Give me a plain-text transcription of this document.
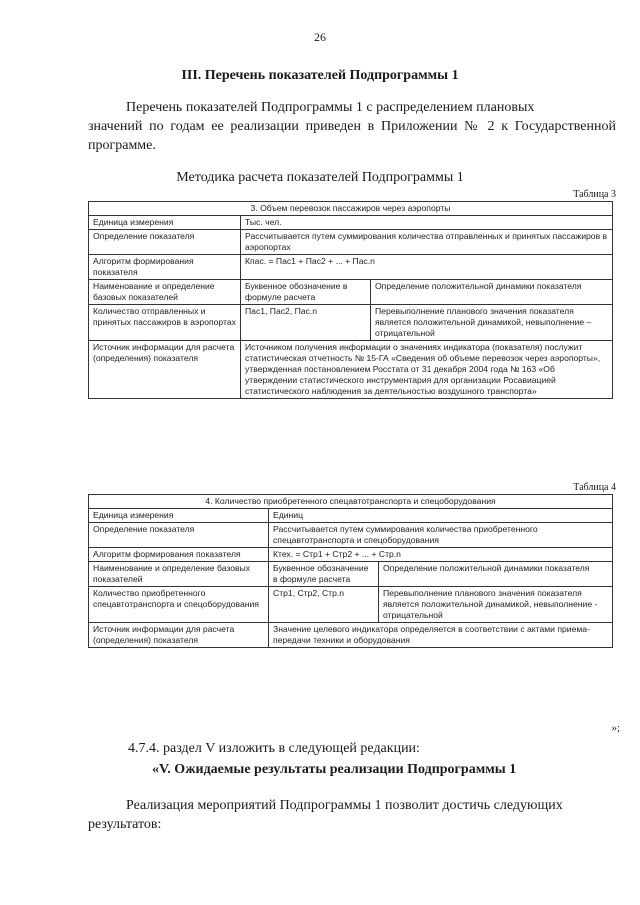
26
III. Перечень показателей Подпрограммы 1
Перечень показателей Подпрограммы 1 с распределением плановых
значений по годам ее реализации приведен в Приложении № 2 к Государственной программе.
Методика расчета показателей Подпрограммы 1
Таблица 3
3. Объем перевозок пассажиров через аэропорты		
Единица измерения	Тыс. чел.	
Определение показателя	Рассчитывается путем суммирования количества отправленных и принятых пассажиров в аэропортах	
Алгоритм формирования показателя	Кпас. = Пас1 + Пас2 + ... + Пас.n	
Наименование и определение базовых показателей	Буквенное обозначение в формуле расчета	Определение положительной динамики показателя
Количество отправленных и принятых пассажиров в аэропортах	Пас1, Пас2, Пас.n	Перевыполнение планового значения показателя является положительной динамикой, невыполнение – отрицательной
Источник информации для расчета (определения) показателя	Источником получения информации о значениях индикатора (показателя) послужит статистическая отчетность № 15-ГА «Сведения об объеме перевозок через аэропорты», утвержденная постановлением Росстата от 31 декабря 2004 года № 163 «Об утверждении статистического инструментария для организации Росавиацией статистического наблюдения за деятельностью воздушного транспорта»	
Таблица 4
4. Количество приобретенного спецавтотранспорта и спецоборудования		
Единица измерения	Единиц	
Определение показателя	Рассчитывается путем суммирования количества приобретенного спецавтотранспорта и спецоборудования	
Алгоритм формирования показателя	Ктех. = Стр1 + Стр2 + ... + Стр.n	
Наименование и определение базовых показателей	Буквенное обозначение в формуле расчета	Определение положительной динамики показателя
Количество приобретенного спецавтотранспорта и спецоборудования	Стр1, Стр2, Стр.n	Перевыполнение планового значения показателя является положительной динамикой, невыполнение - отрицательной
Источник информации для расчета (определения) показателя	Значение целевого индикатора определяется в соответствии с актами приема-передачи техники и оборудования	
»;
4.7.4. раздел V изложить в следующей редакции:
«V. Ожидаемые результаты реализации Подпрограммы 1
Реализация мероприятий Подпрограммы 1 позволит достичь следующих
результатов:
